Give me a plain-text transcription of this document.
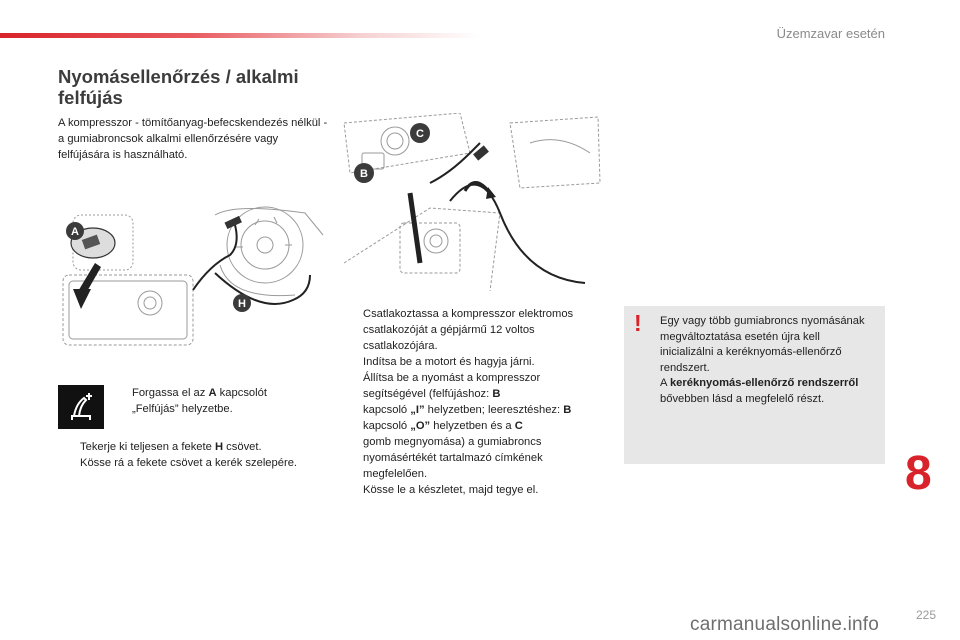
Üzemzavar esetén
Nyomásellenőrzés / alkalmi felfújás
A kompresszor - tömítőanyag-befecskendezés nélkül - a gumiabroncsok alkalmi ellenőrzésére vagy felfújására is használható.
A
H
C
B
Forgassa el az A kapcsolót „Felfújás” helyzetbe.
Tekerje ki teljesen a fekete H csövet.
Kösse rá a fekete csövet a kerék szelepére.
Csatlakoztassa a kompresszor elektromos csatlakozóját a gépjármű 12 voltos csatlakozójára.
Indítsa be a motort és hagyja járni.
Állítsa be a nyomást a kompresszor segítségével (felfújáshoz: B
kapcsoló „I” helyzetben; leeresztéshez: B
kapcsoló „O” helyzetben és a C
gomb megnyomása) a gumiabroncs nyomásértékét tartalmazó címkének megfelelően.
Kösse le a készletet, majd tegye el.
! Egy vagy több gumiabroncs nyomásának megváltoztatása esetén újra kell inicializálni a keréknyomás-ellenőrző rendszert.
A keréknyomás-ellenőrző rendszerről bővebben lásd a megfelelő részt.
8
carmanualsonline.info	225
